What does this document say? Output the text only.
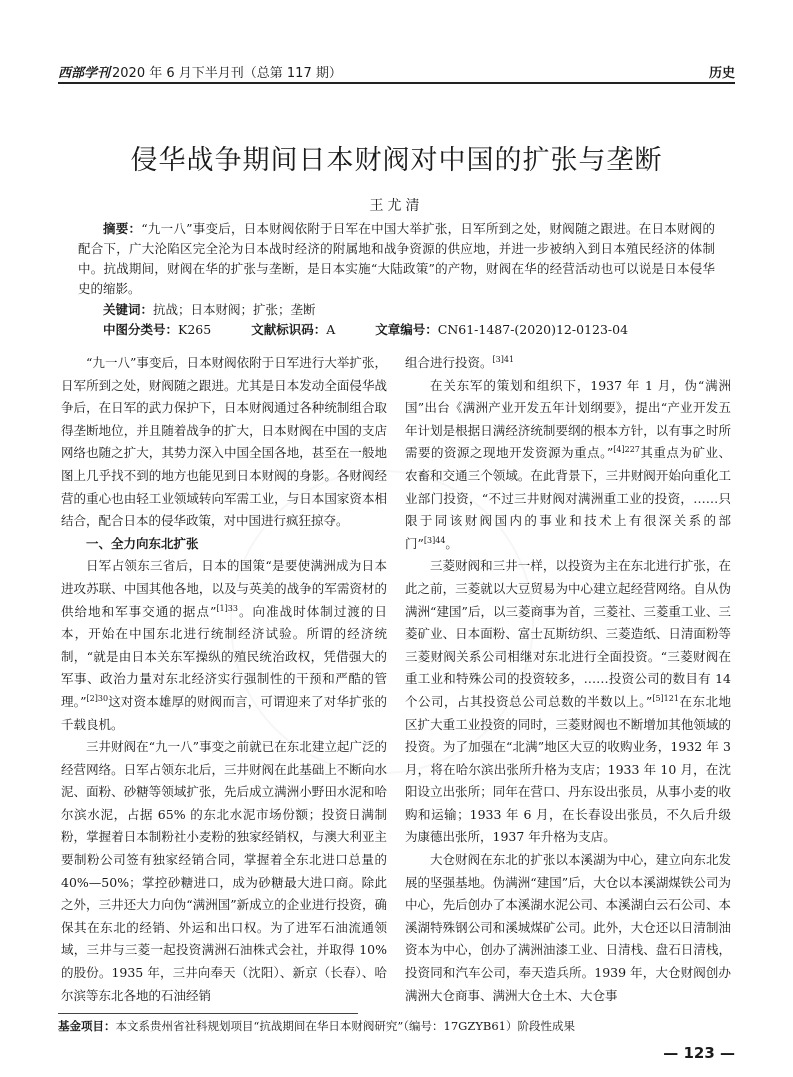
西部学刊 2020 年 6 月下半月刊（总第 117 期）	历史
侵华战争期间日本财阀对中国的扩张与垄断
王尤清

摘要：“九一八”事变后，日本财阀依附于日军在中国大举扩张，日军所到之处，财阀随之跟进。在日本财阀的配合下，广大沦陷区完全沦为日本战时经济的附属地和战争资源的供应地，并进一步被纳入到日本殖民经济的体制中。抗战期间，财阀在华的扩张与垄断，是日本实施“大陆政策”的产物，财阀在华的经营活动也可以说是日本侵华史的缩影。

关键词：抗战；日本财阀；扩张；垄断
中图分类号：K265	文献标识码：A	文章编号：CN61-1487-(2020)12-0123-04

“九一八”事变后，日本财阀依附于日军进行大举扩张，日军所到之处，财阀随之跟进。尤其是日本发动全面侵华战争后，在日军的武力保护下，日本财阀通过各种统制组合取得垄断地位，并且随着战争的扩大，日本财阀在中国的支店网络也随之扩大，其势力深入中国全国各地，甚至在一般地图上几乎找不到的地方也能见到日本财阀的身影。各财阀经营的重心也由轻工业领域转向军需工业，与日本国家资本相结合，配合日本的侵华政策，对中国进行疯狂掠夺。

一、全力向东北扩张

日军占领东三省后，日本的国策“是要使满洲成为日本进攻苏联、中国其他各地，以及与英美的战争的军需资材的供给地和军事交通的据点”$^{[1]33}$。向准战时体制过渡的日本，开始在中国东北进行统制经济试验。所谓的经济统制，“就是由日本关东军操纵的殖民统治政权，凭借强大的军事、政治力量对东北经济实行强制性的干预和严酷的管理。”$^{[2]30}$这对资本雄厚的财阀而言，可谓迎来了对华扩张的千载良机。

三井财阀在“九一八”事变之前就已在东北建立起广泛的经营网络。日军占领东北后，三井财阀在此基础上不断向水泥、面粉、砂糖等领域扩张，先后成立满洲小野田水泥和哈尔滨水泥，占据 65% 的东北水泥市场份额；投资日满制粉，掌握着日本制粉社小麦粉的独家经销权，与澳大利亚主要制粉公司签有独家经销合同，掌握着全东北进口总量的 40%—50%；掌控砂糖进口，成为砂糖最大进口商。除此之外，三井还大力向伪“满洲国”新成立的企业进行投资，确保其在东北的经销、外运和出口权。为了进军石油流通领域，三井与三菱一起投资满洲石油株式会社，并取得 10% 的股份。1935 年，三井向奉天（沈阳）、新京（长春）、哈尔滨等东北各地的石油经销

组合进行投资。$^{[3]41}$

在关东军的策划和组织下，1937 年 1 月，伪“满洲国”出台《满洲产业开发五年计划纲要》，提出“产业开发五年计划是根据日满经济统制要纲的根本方针，以有事之时所需要的资源之现地开发资源为重点。”$^{[4]227}$其重点为矿业、农畜和交通三个领域。在此背景下，三井财阀开始向重化工业部门投资，“不过三井财阀对满洲重工业的投资，……只限于同该财阀国内的事业和技术上有很深关系的部门”$^{[3]44}$。

三菱财阀和三井一样，以投资为主在东北进行扩张，在此之前，三菱就以大豆贸易为中心建立起经营网络。自从伪满洲“建国”后，以三菱商事为首，三菱社、三菱重工业、三菱矿业、日本面粉、富士瓦斯纺织、三菱造纸、日清面粉等三菱财阀关系公司相继对东北进行全面投资。“三菱财阀在重工业和特殊公司的投资较多，……投资公司的数目有 14 个公司，占其投资总公司总数的半数以上。”$^{[5]121}$在东北地区扩大重工业投资的同时，三菱财阀也不断增加其他领域的投资。为了加强在“北满”地区大豆的收购业务，1932 年 3 月，将在哈尔滨出张所升格为支店；1933 年 10 月，在沈阳设立出张所；同年在营口、丹东设出张员，从事小麦的收购和运输；1933 年 6 月，在长春设出张员，不久后升级为康德出张所，1937 年升格为支店。

大仓财阀在东北的扩张以本溪湖为中心，建立向东北发展的坚强基地。伪满洲“建国”后，大仓以本溪湖煤铁公司为中心，先后创办了本溪湖水泥公司、本溪湖白云石公司、本溪湖特殊钢公司和溪城煤矿公司。此外，大仓还以日清制油资本为中心，创办了满洲油漆工业、日清栈、盘石日清栈，投资同和汽车公司，奉天造兵所。1939 年，大仓财阀创办满洲大仓商事、满洲大仓土木、大仓事

基金项目：本文系贵州省社科规划项目“抗战期间在华日本财阀研究”（编号：17GZYB61）阶段性成果
— 123 —
